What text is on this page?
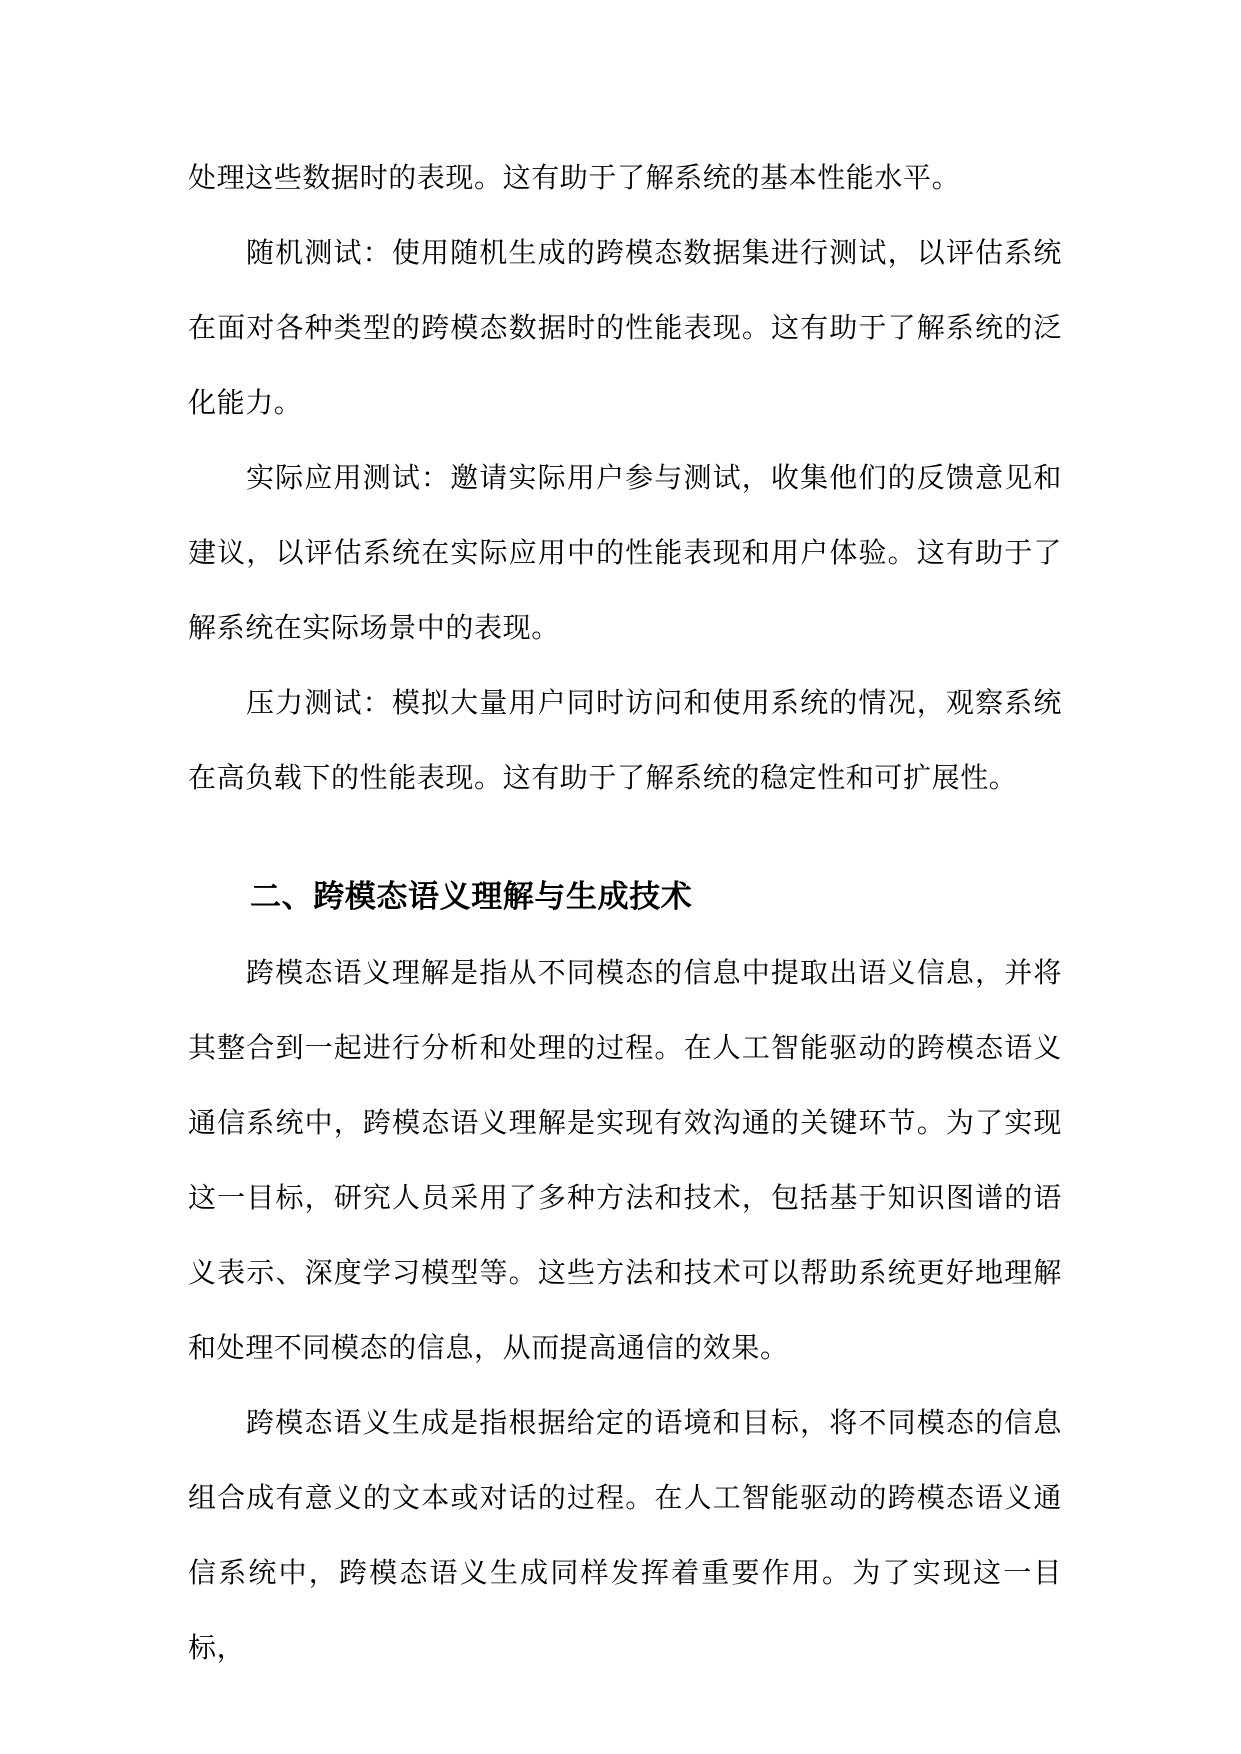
处理这些数据时的表现。这有助于了解系统的基本性能水平。

随机测试：使用随机生成的跨模态数据集进行测试，以评估系统在面对各种类型的跨模态数据时的性能表现。这有助于了解系统的泛化能力。

实际应用测试：邀请实际用户参与测试，收集他们的反馈意见和建议，以评估系统在实际应用中的性能表现和用户体验。这有助于了解系统在实际场景中的表现。

压力测试：模拟大量用户同时访问和使用系统的情况，观察系统在高负载下的性能表现。这有助于了解系统的稳定性和可扩展性。

二、跨模态语义理解与生成技术

跨模态语义理解是指从不同模态的信息中提取出语义信息，并将其整合到一起进行分析和处理的过程。在人工智能驱动的跨模态语义通信系统中，跨模态语义理解是实现有效沟通的关键环节。为了实现这一目标，研究人员采用了多种方法和技术，包括基于知识图谱的语义表示、深度学习模型等。这些方法和技术可以帮助系统更好地理解和处理不同模态的信息，从而提高通信的效果。

跨模态语义生成是指根据给定的语境和目标，将不同模态的信息组合成有意义的文本或对话的过程。在人工智能驱动的跨模态语义通信系统中，跨模态语义生成同样发挥着重要作用。为了实现这一目标，
